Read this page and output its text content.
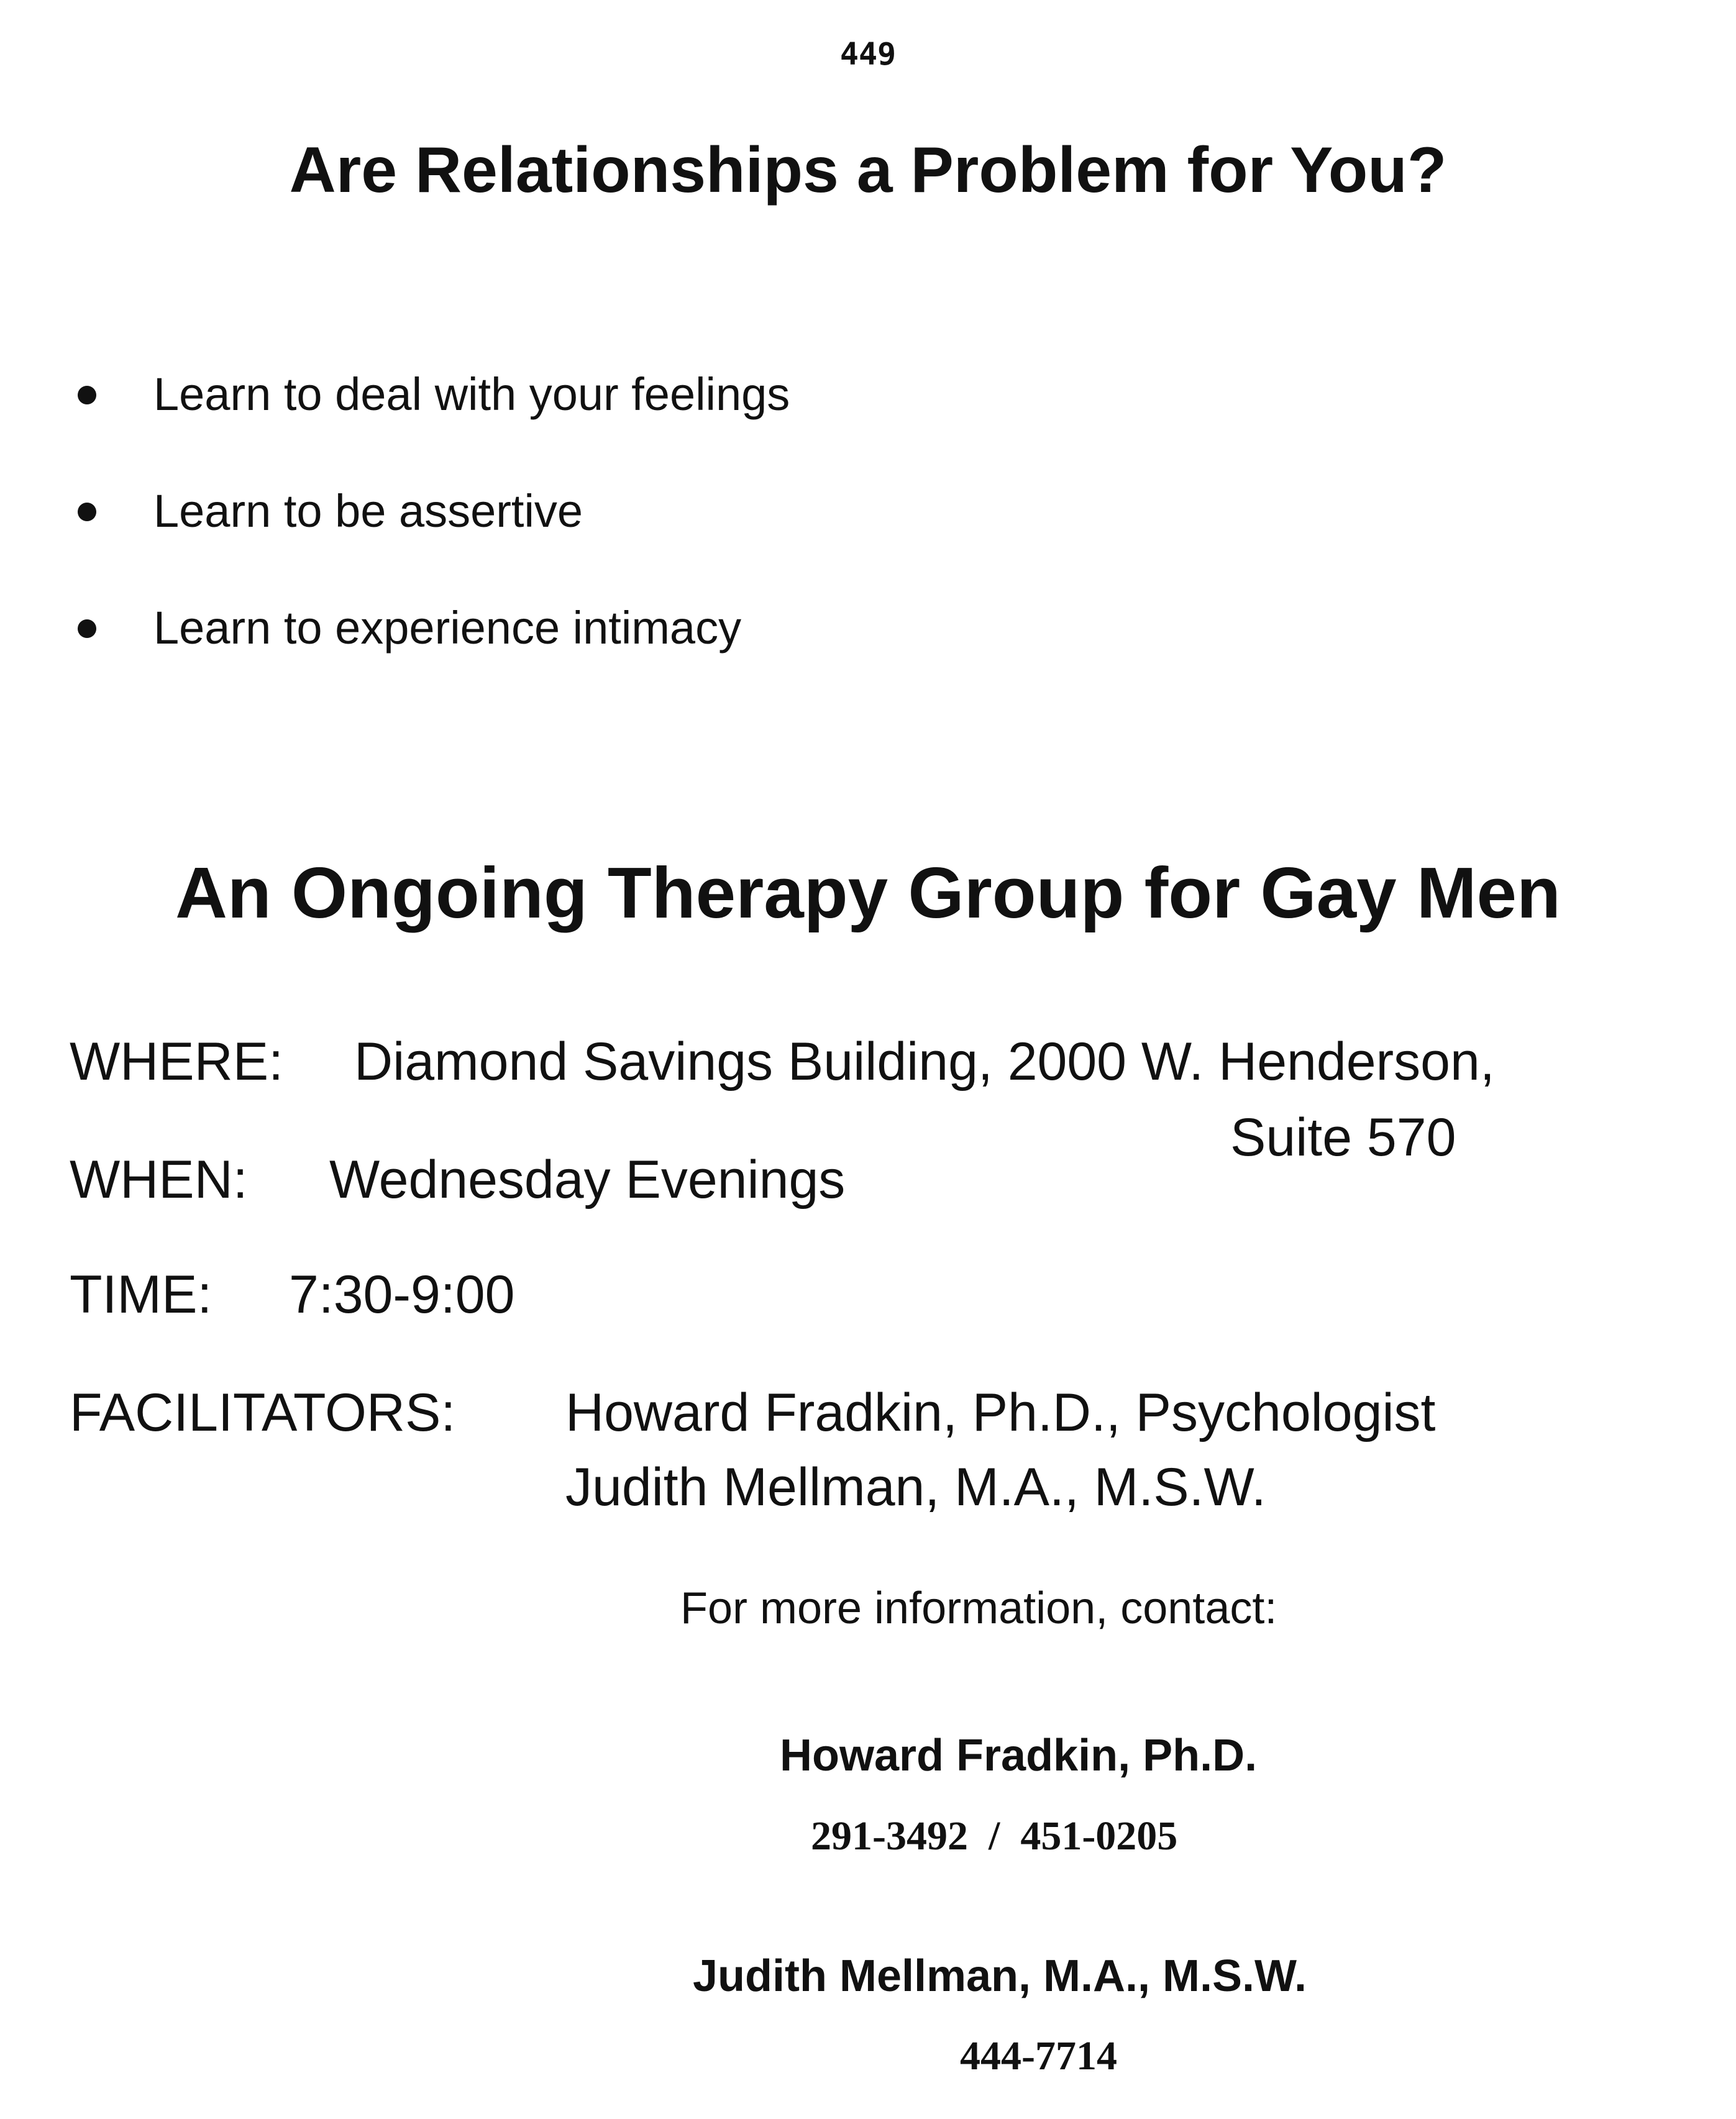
449
Are Relationships a Problem for You?
Learn to deal with your feelings
Learn to be assertive
Learn to experience intimacy
An Ongoing Therapy Group for Gay Men
WHERE: Diamond Savings Building, 2000 W. Henderson,
Suite 570
WHEN: Wednesday Evenings
TIME: 7:30-9:00
FACILITATORS: Howard Fradkin, Ph.D., Psychologist
Judith Mellman, M.A., M.S.W.
For more information, contact:
Howard Fradkin, Ph.D.
291-3492  /  451-0205
Judith Mellman, M.A., M.S.W.
444-7714
